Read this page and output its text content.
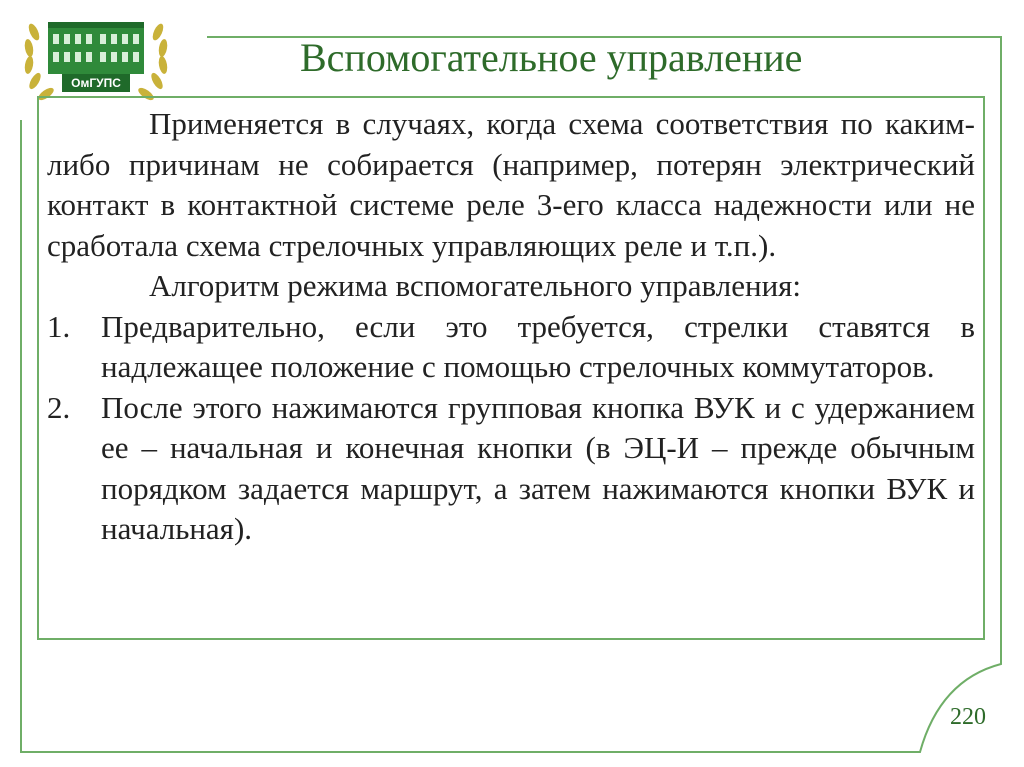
ОмГУПС
Вспомогательное управление

Применяется в случаях, когда схема соответствия по каким-либо причинам не собирается (например, потерян электрический контакт в контактной системе реле 3-его класса надежности или не сработала схема стрелочных управляющих реле и т.п.).

Алгоритм режима вспомогательного управления:

1. Предварительно, если это требуется, стрелки ставятся в надлежащее положение с помощью стрелочных коммутаторов.
2. После этого нажимаются групповая кнопка ВУК и с удержанием ее – начальная и конечная кнопки (в ЭЦ-И – прежде обычным порядком задается маршрут, а затем нажимаются кнопки ВУК и начальная).
220
